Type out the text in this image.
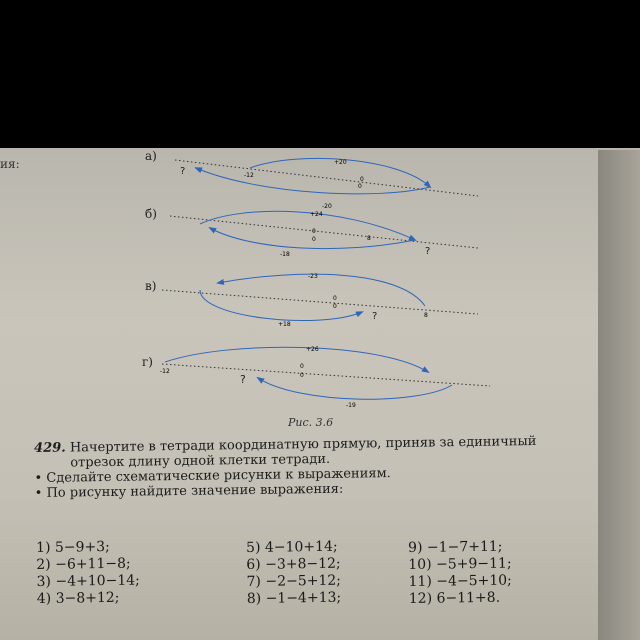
ия:
а)	+20
-20
-12
0
0
?
б)	+24
-18
0
0	8
?
в)
-23
+18
0
0
8
?
г)
+26
-19
-12
0
0
?
Рис. 3.6

429. Начертите в тетради координатную прямую, приняв за единичный

отрезок длину одной клетки тетради.

• Сделайте схематические рисунки к выражениям.

• По рисунку найдите значение выражения:

1) 5−9+3;
2) −6+11−8;
3) −4+10−14;
4) 3−8+12;
5) 4−10+14;
6) −3+8−12;
7) −2−5+12;
8) −1−4+13;
9) −1−7+11;
10) −5+9−11;
11) −4−5+10;
12) 6−11+8.
